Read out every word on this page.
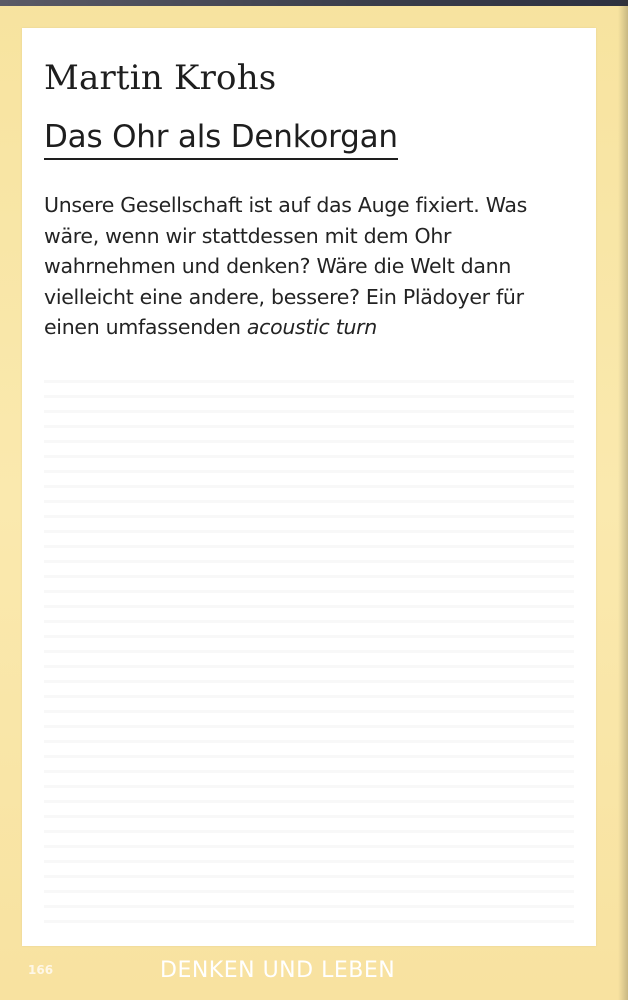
Martin Krohs
Das Ohr als Denkorgan

Unsere Gesellschaft ist auf das Auge fixiert. Was wäre, wenn wir stattdessen mit dem Ohr wahrnehmen und denken? Wäre die Welt dann vielleicht eine andere, bessere? Ein Plädoyer für einen umfassenden acoustic turn

166	DENKEN UND LEBEN
